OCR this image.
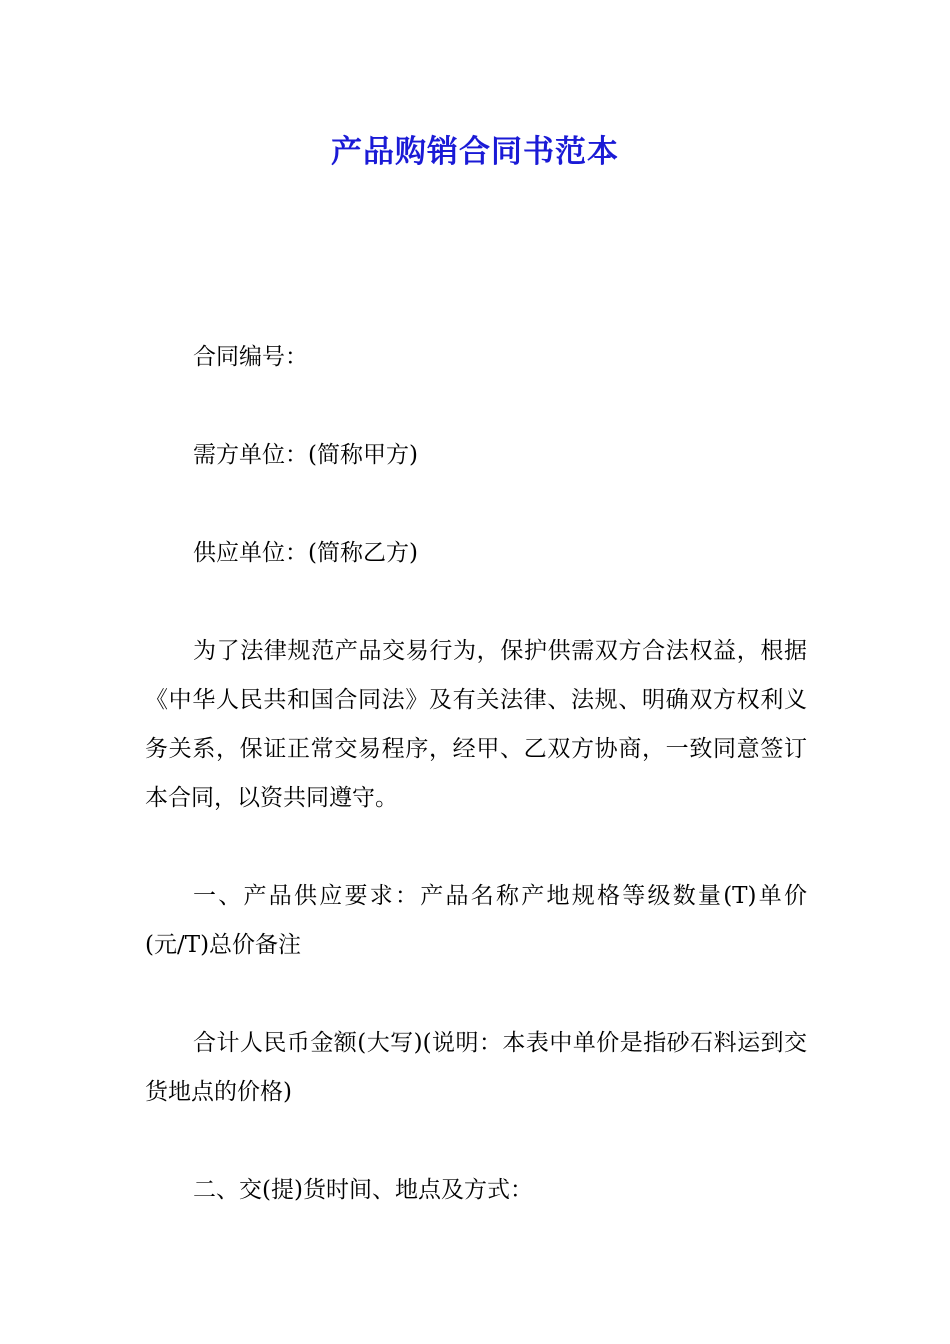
产品购销合同书范本

合同编号：

需方单位：(简称甲方)

供应单位：(简称乙方)

为了法律规范产品交易行为，保护供需双方合法权益，根据《中华人民共和国合同法》及有关法律、法规、明确双方权利义务关系，保证正常交易程序，经甲、乙双方协商，一致同意签订本合同，以资共同遵守。

一、产品供应要求：产品名称产地规格等级数量(T)单价(元/T)总价备注

合计人民币金额(大写)(说明：本表中单价是指砂石料运到交货地点的价格)

二、交(提)货时间、地点及方式：
